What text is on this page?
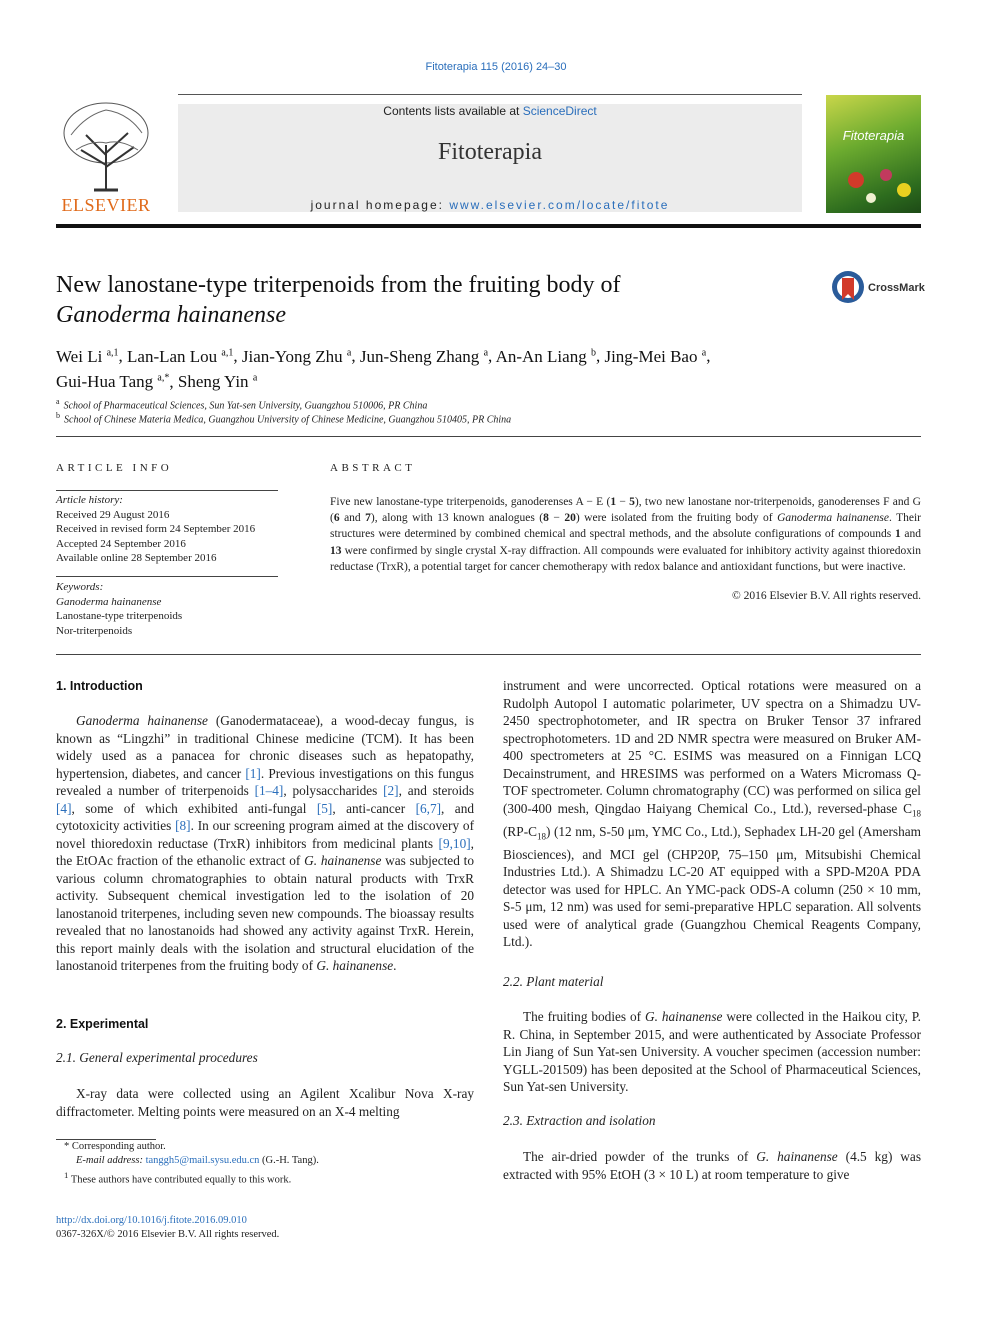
Fitoterapia 115 (2016) 24–30
ELSEVIER
Contents lists available at ScienceDirect
Fitoterapia
journal homepage: www.elsevier.com/locate/fitote
Fitoterapia
New lanostane-type triterpenoids from the fruiting body of
Ganoderma hainanense
CrossMark
Wei Li $^{a,1}$, Lan-Lan Lou $^{a,1}$, Jian-Yong Zhu $^a$, Jun-Sheng Zhang $^a$, An-An Liang $^b$, Jing-Mei Bao $^a$,
Gui-Hua Tang $^{a,*}$, Sheng Yin $^a$
$^a$ School of Pharmaceutical Sciences, Sun Yat-sen University, Guangzhou 510006, PR China
$^b$ School of Chinese Materia Medica, Guangzhou University of Chinese Medicine, Guangzhou 510405, PR China
ARTICLE INFO
Article history:
Received 29 August 2016
Received in revised form 24 September 2016
Accepted 24 September 2016
Available online 28 September 2016
Keywords:
Ganoderma hainanense
Lanostane-type triterpenoids
Nor-triterpenoids
ABSTRACT
Five new lanostane-type triterpenoids, ganoderenses A − E (1 − 5), two new lanostane nor-triterpenoids, ganoderenses F and G (6 and 7), along with 13 known analogues (8 − 20) were isolated from the fruiting body of Ganoderma hainanense. Their structures were determined by combined chemical and spectral methods, and the absolute configurations of compounds 1 and 13 were confirmed by single crystal X-ray diffraction. All compounds were evaluated for inhibitory activity against thioredoxin reductase (TrxR), a potential target for cancer chemotherapy with redox balance and antioxidant functions, but were inactive.
© 2016 Elsevier B.V. All rights reserved.
1. Introduction

Ganoderma hainanense (Ganodermataceae), a wood-decay fungus, is known as “Lingzhi” in traditional Chinese medicine (TCM). It has been widely used as a panacea for chronic diseases such as hepatopathy, hypertension, diabetes, and cancer [1]. Previous investigations on this fungus revealed a number of triterpenoids [1–4], polysaccharides [2], and steroids [4], some of which exhibited anti-fungal [5], anti-cancer [6,7], and cytotoxicity activities [8]. In our screening program aimed at the discovery of novel thioredoxin reductase (TrxR) inhibitors from medicinal plants [9,10], the EtOAc fraction of the ethanolic extract of G. hainanense was subjected to various column chromatographies to obtain natural products with TrxR activity. Subsequent chemical investigation led to the isolation of 20 lanostanoid triterpenes, including seven new compounds. The bioassay results revealed that no lanostanoids had showed any activity against TrxR. Herein, this report mainly deals with the isolation and structural elucidation of the lanostanoid triterpenes from the fruiting body of G. hainanense.

2. Experimental
2.1. General experimental procedures

X-ray data were collected using an Agilent Xcalibur Nova X-ray diffractometer. Melting points were measured on an X-4 melting

* Corresponding author.
E-mail address: tanggh5@mail.sysu.edu.cn (G.-H. Tang).
$^1$ These authors have contributed equally to this work.
http://dx.doi.org/10.1016/j.fitote.2016.09.010
0367-326X/© 2016 Elsevier B.V. All rights reserved.

instrument and were uncorrected. Optical rotations were measured on a Rudolph Autopol I automatic polarimeter, UV spectra on a Shimadzu UV-2450 spectrophotometer, and IR spectra on Bruker Tensor 37 infrared spectrophotometers. 1D and 2D NMR spectra were measured on Bruker AM-400 spectrometers at 25 °C. ESIMS was measured on a Finnigan LCQ Decainstrument, and HRESIMS was performed on a Waters Micromass Q-TOF spectrometer. Column chromatography (CC) was performed on silica gel (300-400 mesh, Qingdao Haiyang Chemical Co., Ltd.), reversed-phase $C_{18}$ $(RP-C_{18})$ (12 nm, S-50 μm, YMC Co., Ltd.), Sephadex LH-20 gel (Amersham Biosciences), and MCI gel (CHP20P, 75–150 μm, Mitsubishi Chemical Industries Ltd.). A Shimadzu LC-20 AT equipped with a SPD-M20A PDA detector was used for HPLC. An YMC-pack ODS-A column (250 × 10 mm, S-5 μm, 12 nm) was used for semi-preparative HPLC separation. All solvents used were of analytical grade (Guangzhou Chemical Reagents Company, Ltd.).

2.2. Plant material

The fruiting bodies of G. hainanense were collected in the Haikou city, P. R. China, in September 2015, and were authenticated by Associate Professor Lin Jiang of Sun Yat-sen University. A voucher specimen (accession number: YGLL-201509) has been deposited at the School of Pharmaceutical Sciences, Sun Yat-sen University.

2.3. Extraction and isolation

The air-dried powder of the trunks of G. hainanense (4.5 kg) was extracted with 95% EtOH (3 × 10 L) at room temperature to give
